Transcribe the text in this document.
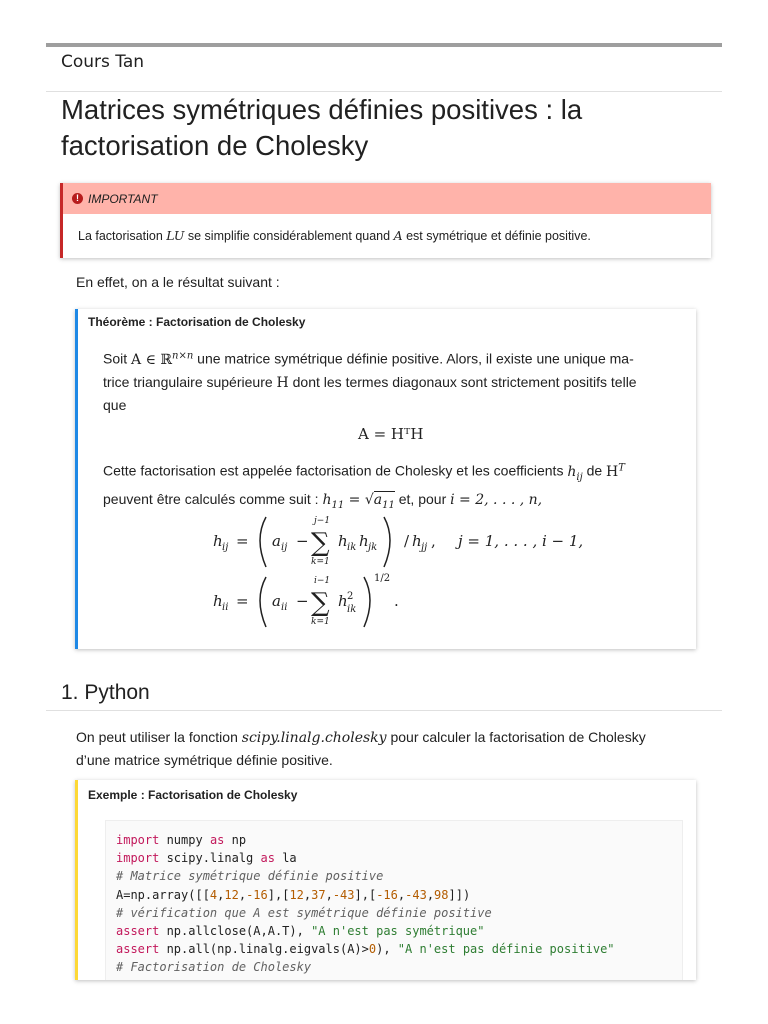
Cours Tan
Matrices symétriques définies positives : la factorisation de Cholesky
! IMPORTANT
La factorisation LU se simplifie considérablement quand A est symétrique et définie positive.

En effet, on a le résultat suivant :

Théorème : Factorisation de Cholesky

Soit A ∈ ℝ$^{n\times n}$ une matrice symétrique définie positive. Alors, il existe une unique ma-
trice triangulaire supérieure H dont les termes diagonaux sont strictement positifs telle
que

A = HᵀH

Cette factorisation est appelée factorisation de Cholesky et les coefficients $h_{ij}$ de $H^T$
peuvent être calculés comme suit : $h_{11} = √a_{11}$ et, pour i = 2, . . . , n,

h ij = a ij −
j−1
∑
k=1
h ik h jk / h jj , j = 1, . . . , i − 1,
h ii = a ii −
i−1
∑
k=1
h 2
ik
1/2
.
1. Python

On peut utiliser la fonction scipy.linalg.cholesky pour calculer la factorisation de Cholesky
d’une matrice symétrique définie positive.

Exemple : Factorisation de Cholesky
import numpy as np
import scipy.linalg as la
# Matrice symétrique définie positive
A=np.array([[4,12,-16],[12,37,-43],[-16,-43,98]])
# vérification que A est symétrique définie positive
assert np.allclose(A,A.T), "A n'est pas symétrique"
assert np.all(np.linalg.eigvals(A)>0), "A n'est pas définie positive"
# Factorisation de Cholesky
